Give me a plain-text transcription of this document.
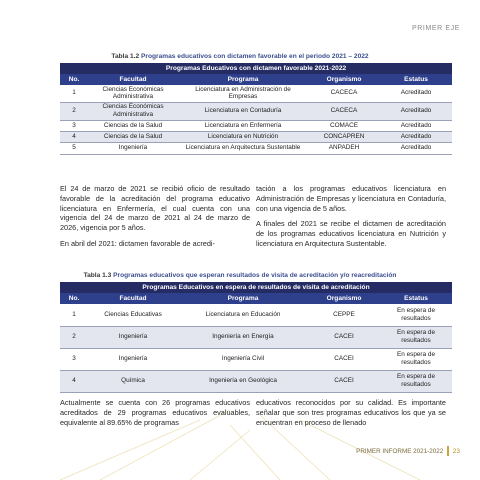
PRIMER EJE
Tabla 1.2 Programas educativos con dictamen favorable en el periodo 2021 – 2022
Programas Educativos con dictamen favorable 2021-2022				
No.	Facultad	Programa	Organismo	Estatus
1	Ciencias Económicas Administrativa	Licenciatura en Administración de Empresas	CACECA	Acreditado
2	Ciencias Económicas Administrativa	Licenciatura en Contaduría	CACECA	Acreditado
3	Ciencias de la Salud	Licenciatura en Enfermería	COMACE	Acreditado
4	Ciencias de la Salud	Licenciatura en Nutrición	CONCAPREN	Acreditado
5	Ingeniería	Licenciatura en Arquitectura Sustentable	ANPADEH	Acreditado

El 24 de marzo de 2021 se recibió oficio de resultado favorable de la acreditación del programa educativo licenciatura en Enfermería, el cual cuenta con una vigencia del 24 de marzo de 2021 al 24 de marzo de 2026, vigencia por 5 años.

En abril del 2021: dictamen favorable de acredi-

tación a los programas educativos licenciatura en Administración de Empresas y licenciatura en Contaduría, con una vigencia de 5 años.

A finales del 2021 se recibe el dictamen de acreditación de los programas educativos licenciatura en Nutrición y licenciatura en Arquitectura Sustentable.

Tabla 1.3 Programas educativos que esperan resultados de visita de acreditación y/o reacreditación
Programas Educativos en espera de resultados de visita de acreditación				
No.	Facultad	Programa	Organismo	Estatus
1	Ciencias Educativas	Licenciatura en Educación	CEPPE	En espera de resultados
2	Ingeniería	Ingeniería en Energía	CACEI	En espera de resultados
3	Ingeniería	Ingeniería Civil	CACEI	En espera de resultados
4	Química	Ingeniería en Geológica	CACEI	En espera de resultados

Actualmente se cuenta con 26 programas educativos acreditados de 29 programas educativos evaluables, equivalente al 89.65% de programas

educativos reconocidos por su calidad. Es importante señalar que son tres programas educativos los que ya se encuentran en proceso de llenado

PRIMER INFORME 2021-2022 23
